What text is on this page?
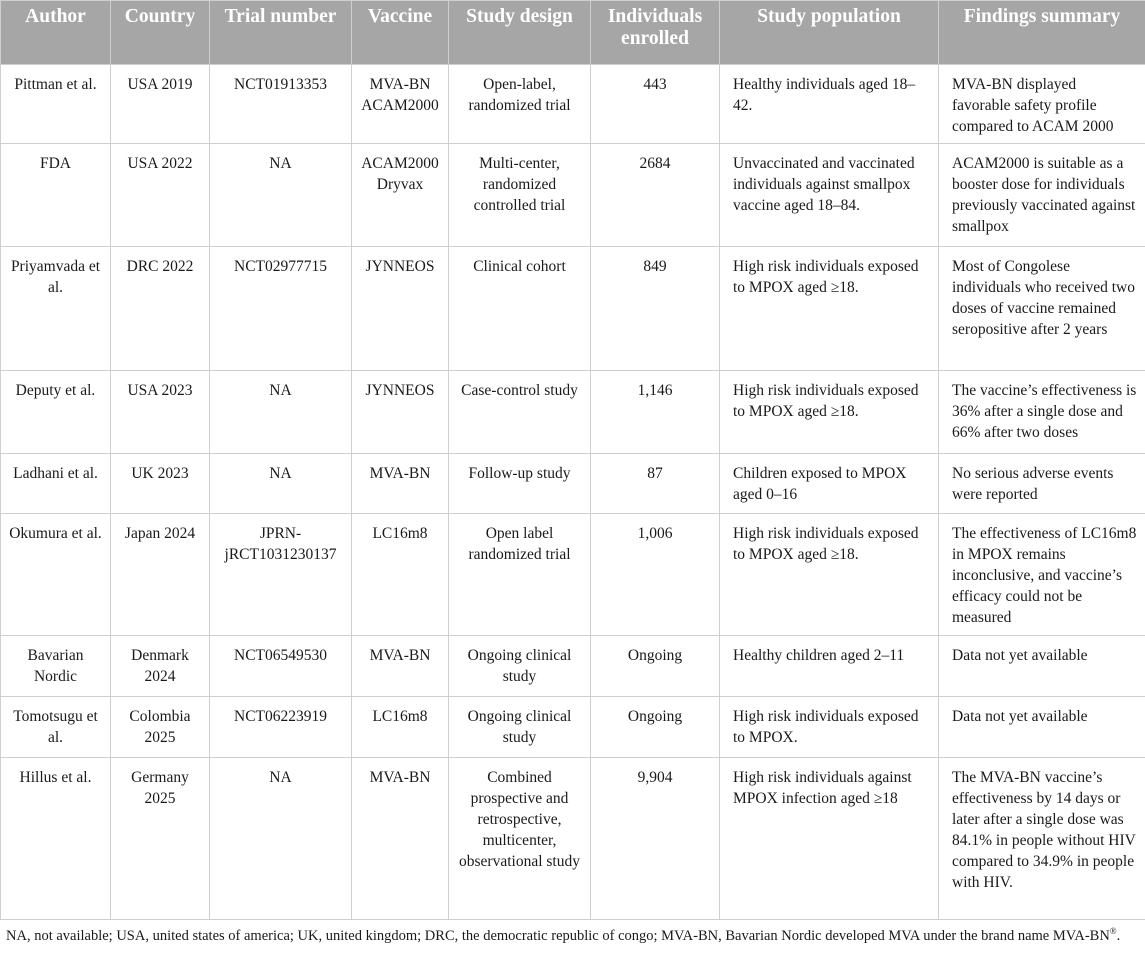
Author	Country	Trial number	Vaccine	Study design	Individuals enrolled	Study population	Findings summary
Pittman et al.	USA 2019	NCT01913353	MVA-BN ACAM2000	Open-label, randomized trial	443	Healthy individuals aged 18–42.	MVA-BN displayed favorable safety profile compared to ACAM 2000
FDA	USA 2022	NA	ACAM2000 Dryvax	Multi-center, randomized controlled trial	2684	Unvaccinated and vaccinated individuals against smallpox vaccine aged 18–84.	ACAM2000 is suitable as a booster dose for individuals previously vaccinated against smallpox
Priyamvada et al.	DRC 2022	NCT02977715	JYNNEOS	Clinical cohort	849	High risk individuals exposed to MPOX aged ≥18.	Most of Congolese individuals who received two doses of vaccine remained seropositive after 2 years
Deputy et al.	USA 2023	NA	JYNNEOS	Case-control study	1,146	High risk individuals exposed to MPOX aged ≥18.	The vaccine’s effectiveness is 36% after a single dose and 66% after two doses
Ladhani et al.	UK 2023	NA	MVA-BN	Follow-up study	87	Children exposed to MPOX aged 0–16	No serious adverse events were reported
Okumura et al.	Japan 2024	JPRN-jRCT1031230137	LC16m8	Open label randomized trial	1,006	High risk individuals exposed to MPOX aged ≥18.	The effectiveness of LC16m8 in MPOX remains inconclusive, and vaccine’s efficacy could not be measured
Bavarian Nordic	Denmark 2024	NCT06549530	MVA-BN	Ongoing clinical study	Ongoing	Healthy children aged 2–11	Data not yet available
Tomotsugu et al.	Colombia 2025	NCT06223919	LC16m8	Ongoing clinical study	Ongoing	High risk individuals exposed to MPOX.	Data not yet available
Hillus et al.	Germany 2025	NA	MVA-BN	Combined prospective and retrospective, multicenter, observational study	9,904	High risk individuals against MPOX infection aged ≥18	The MVA-BN vaccine’s effectiveness by 14 days or later after a single dose was 84.1% in people without HIV compared to 34.9% in people with HIV.
NA, not available; USA, united states of america; UK, united kingdom; DRC, the democratic republic of congo; MVA-BN, Bavarian Nordic developed MVA under the brand name MVA-BN®.
